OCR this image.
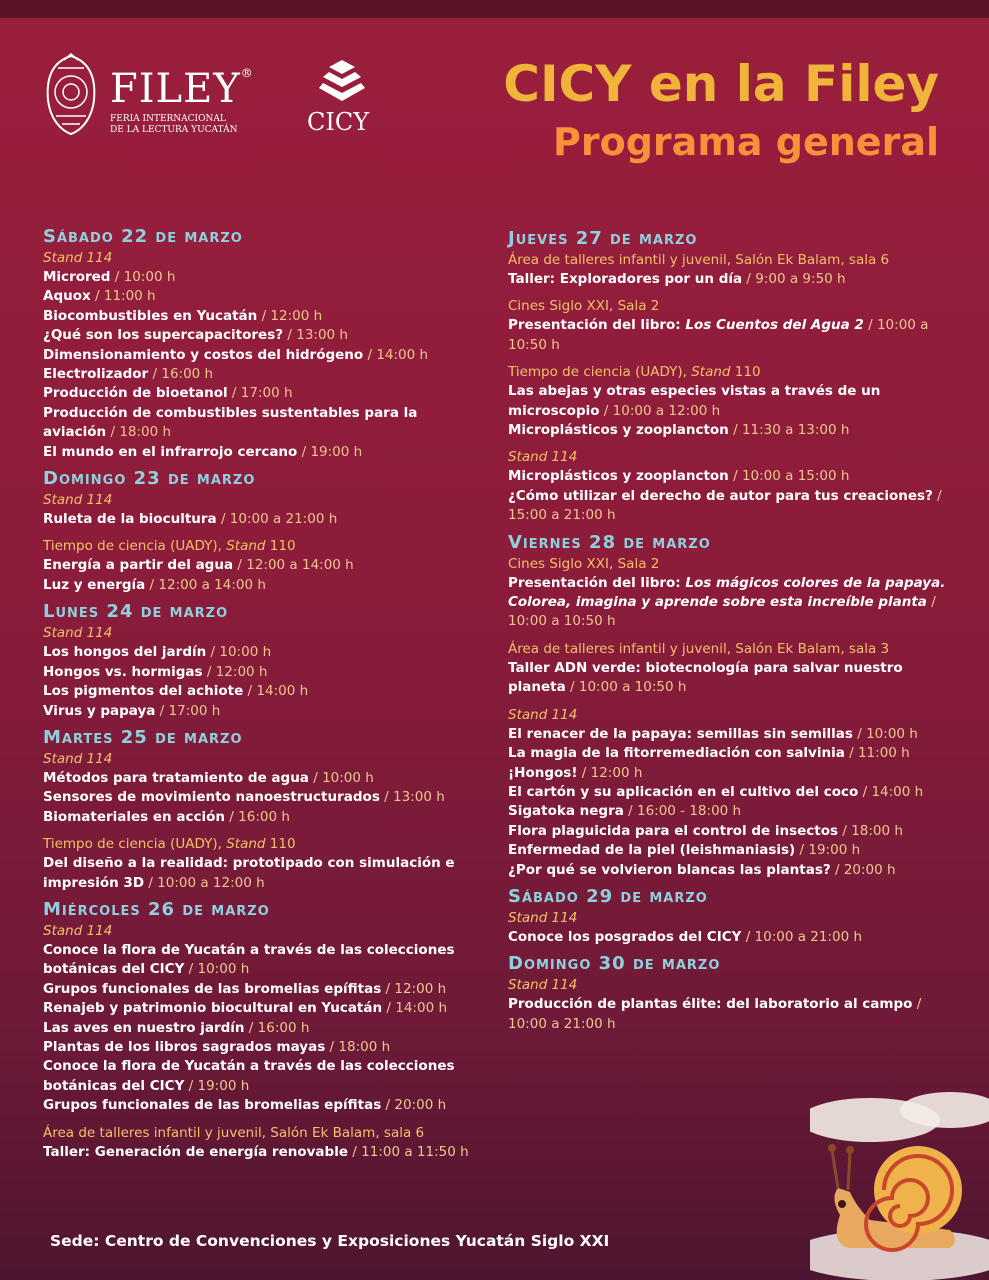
FILEY®
FERIA INTERNACIONAL
DE LA LECTURA YUCATÁN	CICY
CICY en la Filey
Programa general
Sábado 22 de marzo
Stand 114
Microred / 10:00 h
Aquox / 11:00 h
Biocombustibles en Yucatán / 12:00 h
¿Qué son los supercapacitores? / 13:00 h
Dimensionamiento y costos del hidrógeno / 14:00 h
Electrolizador / 16:00 h
Producción de bioetanol / 17:00 h
Producción de combustibles sustentables para la aviación / 18:00 h
El mundo en el infrarrojo cercano / 19:00 h
Domingo 23 de marzo
Stand 114
Ruleta de la biocultura / 10:00 a 21:00 h
Tiempo de ciencia (UADY), Stand 110
Energía a partir del agua / 12:00 a 14:00 h
Luz y energía / 12:00 a 14:00 h
Lunes 24 de marzo
Stand 114
Los hongos del jardín / 10:00 h
Hongos vs. hormigas / 12:00 h
Los pigmentos del achiote / 14:00 h
Virus y papaya / 17:00 h
Martes 25 de marzo
Stand 114
Métodos para tratamiento de agua / 10:00 h
Sensores de movimiento nanoestructurados / 13:00 h
Biomateriales en acción / 16:00 h
Tiempo de ciencia (UADY), Stand 110
Del diseño a la realidad: prototipado con simulación e impresión 3D / 10:00 a 12:00 h
Miércoles 26 de marzo
Stand 114
Conoce la flora de Yucatán a través de las colecciones botánicas del CICY / 10:00 h
Grupos funcionales de las bromelias epífitas / 12:00 h
Renajeb y patrimonio biocultural en Yucatán / 14:00 h
Las aves en nuestro jardín / 16:00 h
Plantas de los libros sagrados mayas / 18:00 h
Conoce la flora de Yucatán a través de las colecciones botánicas del CICY / 19:00 h
Grupos funcionales de las bromelias epífitas / 20:00 h
Área de talleres infantil y juvenil, Salón Ek Balam, sala 6
Taller: Generación de energía renovable / 11:00 a 11:50 h
Jueves 27 de marzo
Área de talleres infantil y juvenil, Salón Ek Balam, sala 6
Taller: Exploradores por un día / 9:00 a 9:50 h
Cines Siglo XXI, Sala 2
Presentación del libro: Los Cuentos del Agua 2 / 10:00 a 10:50 h
Tiempo de ciencia (UADY), Stand 110
Las abejas y otras especies vistas a través de un microscopio / 10:00 a 12:00 h
Microplásticos y zooplancton / 11:30 a 13:00 h
Stand 114
Microplásticos y zooplancton / 10:00 a 15:00 h
¿Cómo utilizar el derecho de autor para tus creaciones? / 15:00 a 21:00 h
Viernes 28 de marzo
Cines Siglo XXI, Sala 2
Presentación del libro: Los mágicos colores de la papaya. Colorea, imagina y aprende sobre esta increíble planta / 10:00 a 10:50 h
Área de talleres infantil y juvenil, Salón Ek Balam, sala 3
Taller ADN verde: biotecnología para salvar nuestro planeta / 10:00 a 10:50 h
Stand 114
El renacer de la papaya: semillas sin semillas / 10:00 h
La magia de la fitorremediación con salvinia / 11:00 h
¡Hongos! / 12:00 h
El cartón y su aplicación en el cultivo del coco / 14:00 h
Sigatoka negra / 16:00 - 18:00 h
Flora plaguicida para el control de insectos / 18:00 h
Enfermedad de la piel (leishmaniasis) / 19:00 h
¿Por qué se volvieron blancas las plantas? / 20:00 h
Sábado 29 de marzo
Stand 114
Conoce los posgrados del CICY / 10:00 a 21:00 h
Domingo 30 de marzo
Stand 114
Producción de plantas élite: del laboratorio al campo / 10:00 a 21:00 h
Sede: Centro de Convenciones y Exposiciones Yucatán Siglo XXI
